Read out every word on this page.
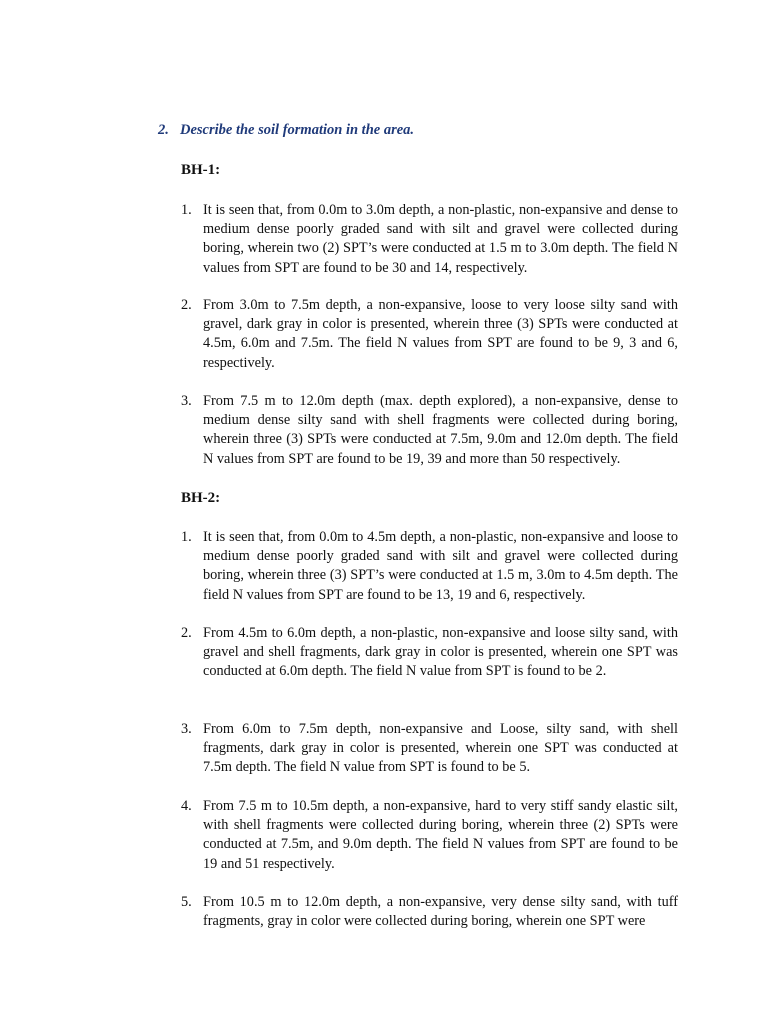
2. Describe the soil formation in the area.
BH-1:
1. It is seen that, from 0.0m to 3.0m depth, a non-plastic, non-expansive and dense to medium dense poorly graded sand with silt and gravel were collected during boring, wherein two (2) SPT’s were conducted at 1.5 m to 3.0m depth. The field N values from SPT are found to be 30 and 14, respectively.
2. From 3.0m to 7.5m depth, a non-expansive, loose to very loose silty sand with gravel, dark gray in color is presented, wherein three (3) SPTs were conducted at 4.5m, 6.0m and 7.5m. The field N values from SPT are found to be 9, 3 and 6, respectively.
3. From 7.5 m to 12.0m depth (max. depth explored), a non-expansive, dense to medium dense silty sand with shell fragments were collected during boring, wherein three (3) SPTs were conducted at 7.5m, 9.0m and 12.0m depth. The field N values from SPT are found to be 19, 39 and more than 50 respectively.
BH-2:
1. It is seen that, from 0.0m to 4.5m depth, a non-plastic, non-expansive and loose to medium dense poorly graded sand with silt and gravel were collected during boring, wherein three (3) SPT’s were conducted at 1.5 m, 3.0m to 4.5m depth. The field N values from SPT are found to be 13, 19 and 6, respectively.
2. From 4.5m to 6.0m depth, a non-plastic, non-expansive and loose silty sand, with gravel and shell fragments, dark gray in color is presented, wherein one SPT was conducted at 6.0m depth. The field N value from SPT is found to be 2.
3. From 6.0m to 7.5m depth, non-expansive and Loose, silty sand, with shell fragments, dark gray in color is presented, wherein one SPT was conducted at 7.5m depth. The field N value from SPT is found to be 5.
4. From 7.5 m to 10.5m depth, a non-expansive, hard to very stiff sandy elastic silt, with shell fragments were collected during boring, wherein three (2) SPTs were conducted at 7.5m, and 9.0m depth. The field N values from SPT are found to be 19 and 51 respectively.
5. From 10.5 m to 12.0m depth, a non-expansive, very dense silty sand, with tuff fragments, gray in color were collected during boring, wherein one SPT were
